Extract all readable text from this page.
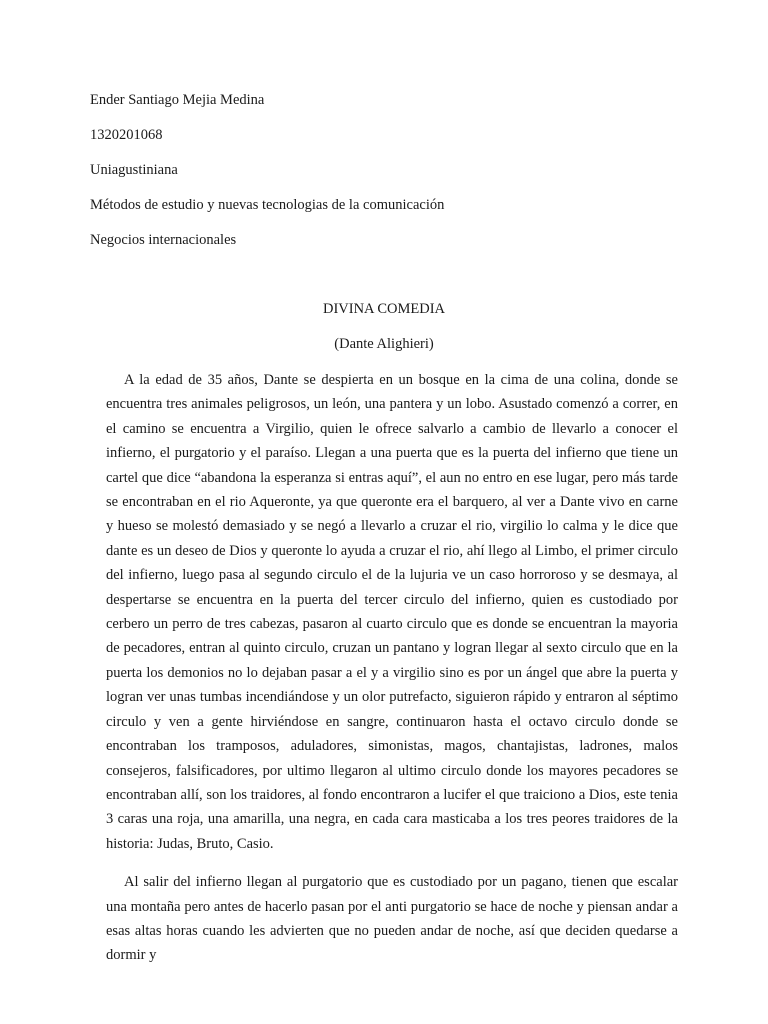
Ender Santiago Mejia Medina
1320201068
Uniagustiniana
Métodos de estudio y nuevas tecnologias de la comunicación
Negocios internacionales

DIVINA COMEDIA

(Dante Alighieri)

A la edad de 35 años, Dante se despierta en un bosque en la cima de una colina, donde se encuentra tres animales peligrosos, un león, una pantera y un lobo. Asustado comenzó a correr, en el camino se encuentra a Virgilio, quien le ofrece salvarlo a cambio de llevarlo a conocer el infierno, el purgatorio y el paraíso. Llegan a una puerta que es la puerta del infierno que tiene un cartel que dice “abandona la esperanza si entras aquí”, el aun no entro en ese lugar, pero más tarde se encontraban en el rio Aqueronte, ya que queronte era el barquero, al ver a Dante vivo en carne y hueso se molestó demasiado y se negó a llevarlo a cruzar el rio, virgilio lo calma y le dice que dante es un deseo de Dios y queronte lo ayuda a cruzar el rio, ahí llego al Limbo, el primer circulo del infierno, luego pasa al segundo circulo el de la lujuria ve un caso horroroso y se desmaya, al despertarse se encuentra en la puerta del tercer circulo del infierno, quien es custodiado por cerbero un perro de tres cabezas, pasaron al cuarto circulo que es donde se encuentran la mayoria de pecadores, entran al quinto circulo, cruzan un pantano y logran llegar al sexto circulo que en la puerta los demonios no lo dejaban pasar a el y a virgilio sino es por un ángel que abre la puerta y logran ver unas tumbas incendiándose y un olor putrefacto, siguieron rápido y entraron al séptimo circulo y ven a gente hirviéndose en sangre, continuaron hasta el octavo circulo donde se encontraban los tramposos, aduladores, simonistas, magos, chantajistas, ladrones, malos consejeros, falsificadores, por ultimo llegaron al ultimo circulo donde los mayores pecadores se encontraban allí, son los traidores, al fondo encontraron a lucifer el que traiciono a Dios, este tenia 3 caras una roja, una amarilla, una negra, en cada cara masticaba a los tres peores traidores de la historia: Judas, Bruto, Casio.

Al salir del infierno llegan al purgatorio que es custodiado por un pagano, tienen que escalar una montaña pero antes de hacerlo pasan por el anti purgatorio se hace de noche y piensan andar a esas altas horas cuando les advierten que no pueden andar de noche, así que deciden quedarse a dormir y
